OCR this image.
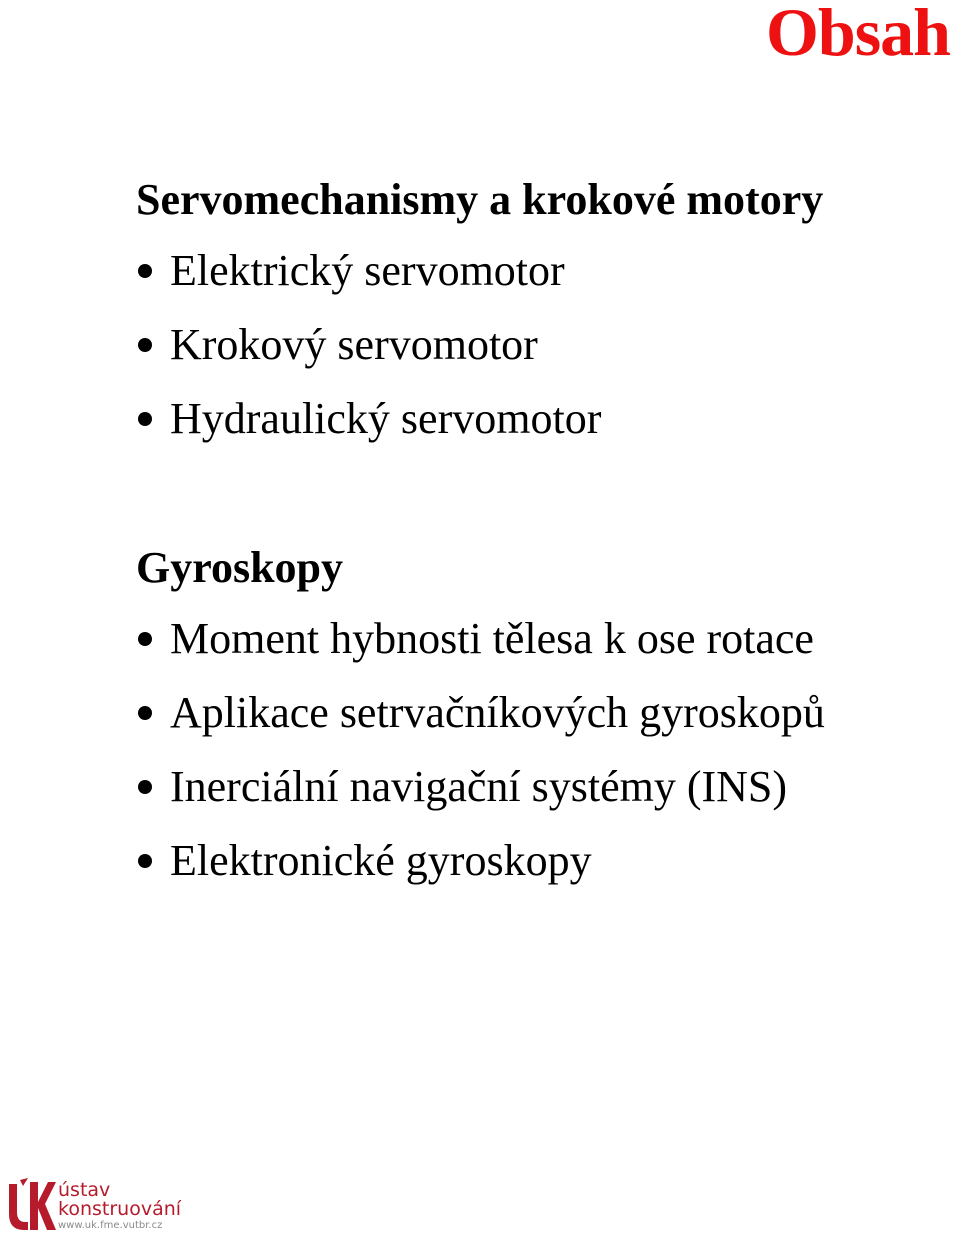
Obsah
Servomechanismy a krokové motory
Elektrický servomotor
Krokový servomotor
Hydraulický servomotor
Gyroskopy
Moment hybnosti tělesa k ose rotace
Aplikace setrvačníkových gyroskopů
Inerciální navigační systémy (INS)
Elektronické gyroskopy
ústav
konstruování
www.uk.fme.vutbr.cz
